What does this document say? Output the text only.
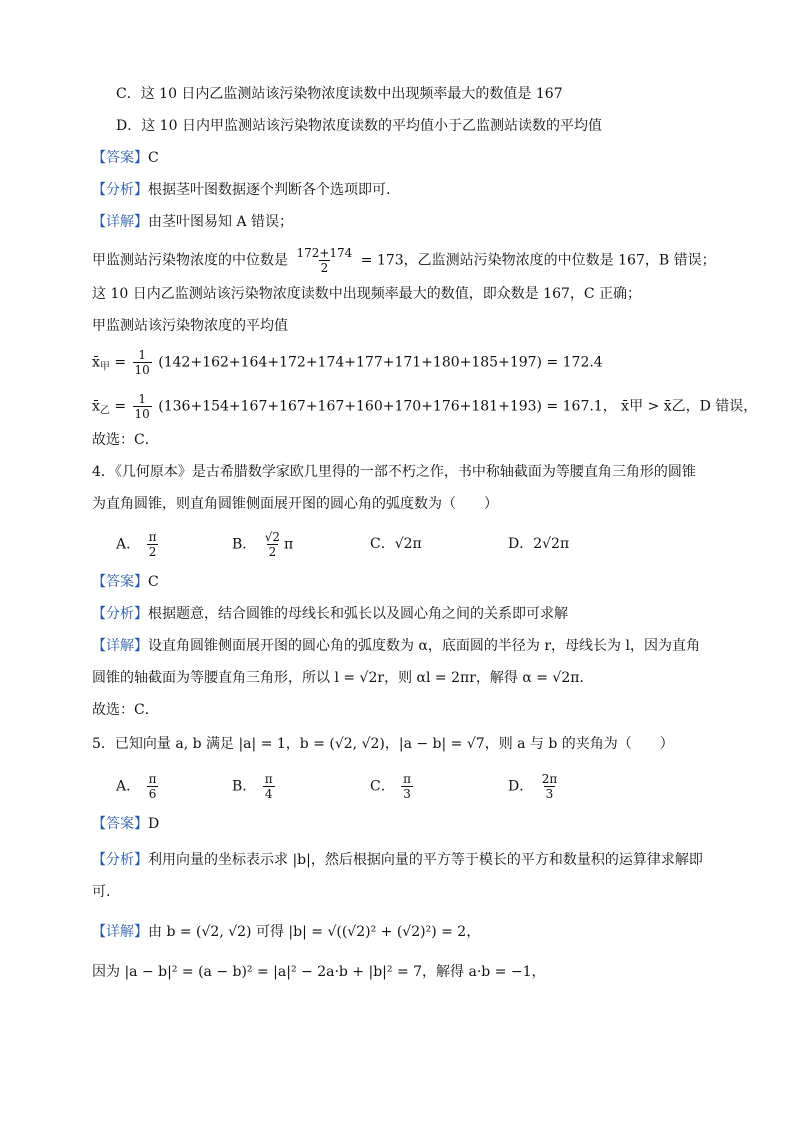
C．这 10 日内乙监测站该污染物浓度读数中出现频率最大的数值是 167
D．这 10 日内甲监测站该污染物浓度读数的平均值小于乙监测站读数的平均值
【答案】C
【分析】根据茎叶图数据逐个判断各个选项即可.
【详解】由茎叶图易知 A 错误；
甲监测站污染物浓度的中位数是 $\frac{172+174}{2} = 173$，乙监测站污染物浓度的中位数是 167，B 错误；
这 10 日内乙监测站该污染物浓度读数中出现频率最大的数值，即众数是 167，C 正确；
甲监测站该污染物浓度的平均值
$x̄_甲 = \frac{1}{10} (142+162+164+172+174+177+171+180+185+197) = 172.4$
$x̄_乙 = \frac{1}{10} (136+154+167+167+167+160+170+176+181+193) = 167.1$， x̄甲 > x̄乙，D 错误，
故选：C．
4．《几何原本》是古希腊数学家欧几里得的一部不朽之作，书中称轴截面为等腰直角三角形的圆锥
为直角圆锥，则直角圆锥侧面展开图的圆心角的弧度数为（　　）
A． $\frac{\pi}{2}$	B． $\frac{√2}{2}$ π	C．√2π	D．2√2π
【答案】C
【分析】根据题意，结合圆锥的母线长和弧长以及圆心角之间的关系即可求解
【详解】设直角圆锥侧面展开图的圆心角的弧度数为 α，底面圆的半径为 r，母线长为 l，因为直角
圆锥的轴截面为等腰直角三角形，所以 l = √2r，则 αl = 2πr，解得 α = √2π．
故选：C．
5．已知向量 a, b 满足 |a| = 1，b = (√2, √2)，|a − b| = √7，则 a 与 b 的夹角为（　　）
A． $\frac{\pi}{6}$	B． $\frac{\pi}{4}$	C． $\frac{\pi}{3}$	D． $\frac{2\pi}{3}$
【答案】D
【分析】利用向量的坐标表示求 |b|，然后根据向量的平方等于模长的平方和数量积的运算律求解即
可.
【详解】由 b = (√2, √2) 可得 |b| = √((√2)² + (√2)²) = 2，
因为 |a − b|² = (a − b)² = |a|² − 2a·b + |b|² = 7，解得 a·b = −1，
